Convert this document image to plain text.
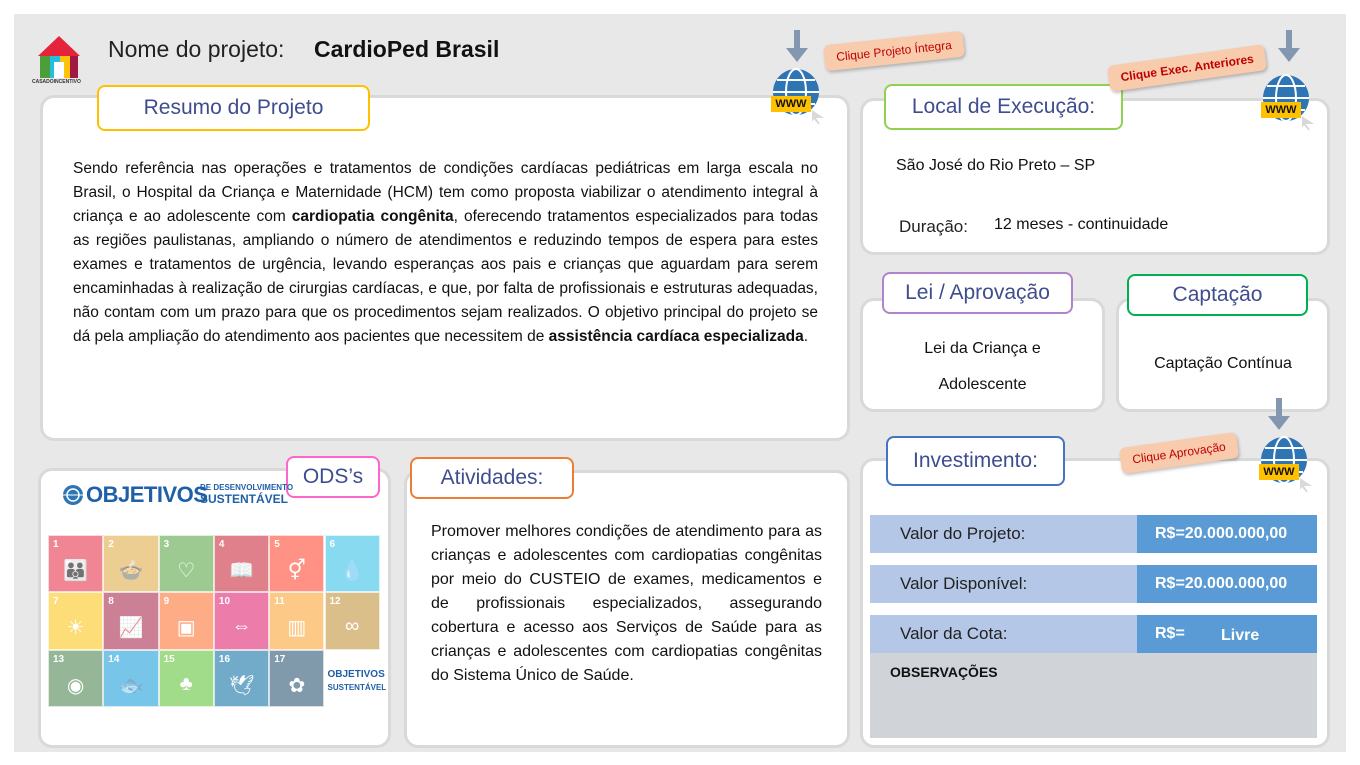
CASADOINCENTIVO
Nome do projeto: CardioPed Brasil
Resumo do Projeto
Sendo referência nas operações e tratamentos de condições cardíacas pediátricas em larga escala no Brasil, o Hospital da Criança e Maternidade (HCM) tem como proposta viabilizar o atendimento integral à criança e ao adolescente com cardiopatia congênita, oferecendo tratamentos especializados para todas as regiões paulistanas, ampliando o número de atendimentos e reduzindo tempos de espera para estes exames e tratamentos de urgência, levando esperanças aos pais e crianças que aguardam para serem encaminhadas à realização de cirurgias cardíacas, e que, por falta de profissionais e estruturas adequadas, não contam com um prazo para que os procedimentos sejam realizados. O objetivo principal do projeto se dá pela ampliação do atendimento aos pacientes que necessitem de assistência cardíaca especializada.
Clique Projeto Íntegra
WWW	Local de Execução:
São José do Rio Preto – SP
Duração: 12 meses - continuidade
Clique Exec. Anteriores
WWW
Lei / Aprovação
Lei da Criança e
Adolescente
Captação
Captação Contínua
ODS’s
OBJETIVOS
DE DESENVOLVIMENTO
SUSTENTÁVEL
1
👪
2
🍲
3
♡
4
📖
5
⚥
6
💧
7
☀
8
📈
9
▣
10
⇔
11
▥
12
∞
13
◉
14
🐟
15
♣
16
🕊
17
✿
OBJETIVOS
SUSTENTÁVEL
Atividades:
Promover melhores condições de atendimento para as crianças e adolescentes com cardiopatias congênitas por meio do CUSTEIO de exames, medicamentos e de profissionais especializados, assegurando cobertura e acesso aos Serviços de Saúde para as crianças e adolescentes com cardiopatias congênitas do Sistema Único de Saúde.
Investimento:	Clique Aprovação
WWW
Valor do Projeto:	R$=20.000.000,00
Valor Disponível:	R$=20.000.000,00
Valor da Cota:	R$= Livre
OBSERVAÇÕES
